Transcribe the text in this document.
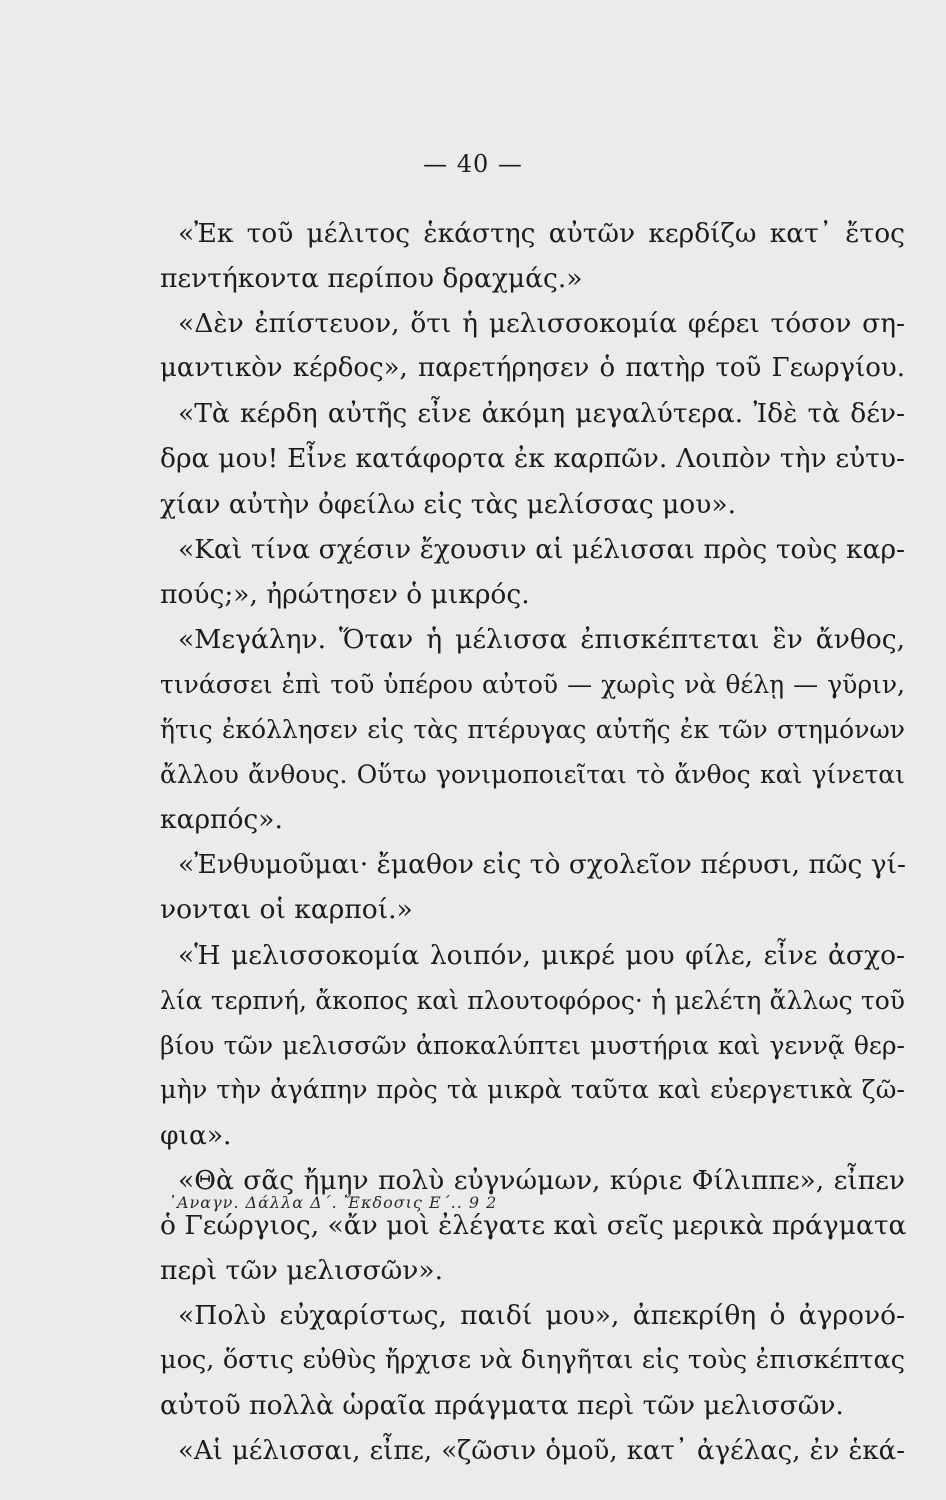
— 40 —
«Ἐκ τοῦ μέλιτος ἑκάστης αὐτῶν κερδίζω κατ᾽ ἔτος
πεντήκοντα περίπου δραχμάς.»
«Δὲν ἐπίστευον, ὅτι ἡ μελισσοκομία φέρει τόσον ση-
μαντικὸν κέρδος», παρετήρησεν ὁ πατὴρ τοῦ Γεωργίου.
«Τὰ κέρδη αὐτῆς εἶνε ἀκόμη μεγαλύτερα. Ἰδὲ τὰ δέν-
δρα μου! Εἶνε κατάφορτα ἐκ καρπῶν. Λοιπὸν τὴν εὐτυ-
χίαν αὐτὴν ὀφείλω εἰς τὰς μελίσσας μου».
«Καὶ τίνα σχέσιν ἔχουσιν αἱ μέλισσαι πρὸς τοὺς καρ-
πούς;», ἠρώτησεν ὁ μικρός.
«Μεγάλην. Ὅταν ἡ μέλισσα ἐπισκέπτεται ἓν ἄνθος,
τινάσσει ἐπὶ τοῦ ὑπέρου αὐτοῦ — χωρὶς νὰ θέλῃ — γῦριν,
ἥτις ἐκόλλησεν εἰς τὰς πτέρυγας αὐτῆς ἐκ τῶν στημόνων
ἄλλου ἄνθους. Οὕτω γονιμοποιεῖται τὸ ἄνθος καὶ γίνεται
καρπός».
«Ἐνθυμοῦμαι· ἔμαθον εἰς τὸ σχολεῖον πέρυσι, πῶς γί-
νονται οἱ καρποί.»
«Ἡ μελισσοκομία λοιπόν, μικρέ μου φίλε, εἶνε ἀσχο-
λία τερπνή, ἄκοπος καὶ πλουτοφόρος· ἡ μελέτη ἄλλως τοῦ
βίου τῶν μελισσῶν ἀποκαλύπτει μυστήρια καὶ γεννᾷ θερ-
μὴν τὴν ἀγάπην πρὸς τὰ μικρὰ ταῦτα καὶ εὐεργετικὰ ζῶ-
φια».
«Θὰ σᾶς ἤμην πολὺ εὐγνώμων, κύριε Φίλιππε», εἶπεν
ὁ Γεώργιος, «ἄν μοὶ ἐλέγατε καὶ σεῖς μερικὰ πράγματα
περὶ τῶν μελισσῶν».
«Πολὺ εὐχαρίστως, παιδί μου», ἀπεκρίθη ὁ ἀγρονό-
μος, ὅστις εὐθὺς ἤρχισε νὰ διηγῆται εἰς τοὺς ἐπισκέπτας
αὐτοῦ πολλὰ ὡραῖα πράγματα περὶ τῶν μελισσῶν.
«Αἱ μέλισσαι, εἶπε, «ζῶσιν ὁμοῦ, κατ᾽ ἀγέλας, ἐν ἑκά-
᾽Αναγν. Δάλλα Δ΄. Ἔκδοσις Ε΄.. 9 2
